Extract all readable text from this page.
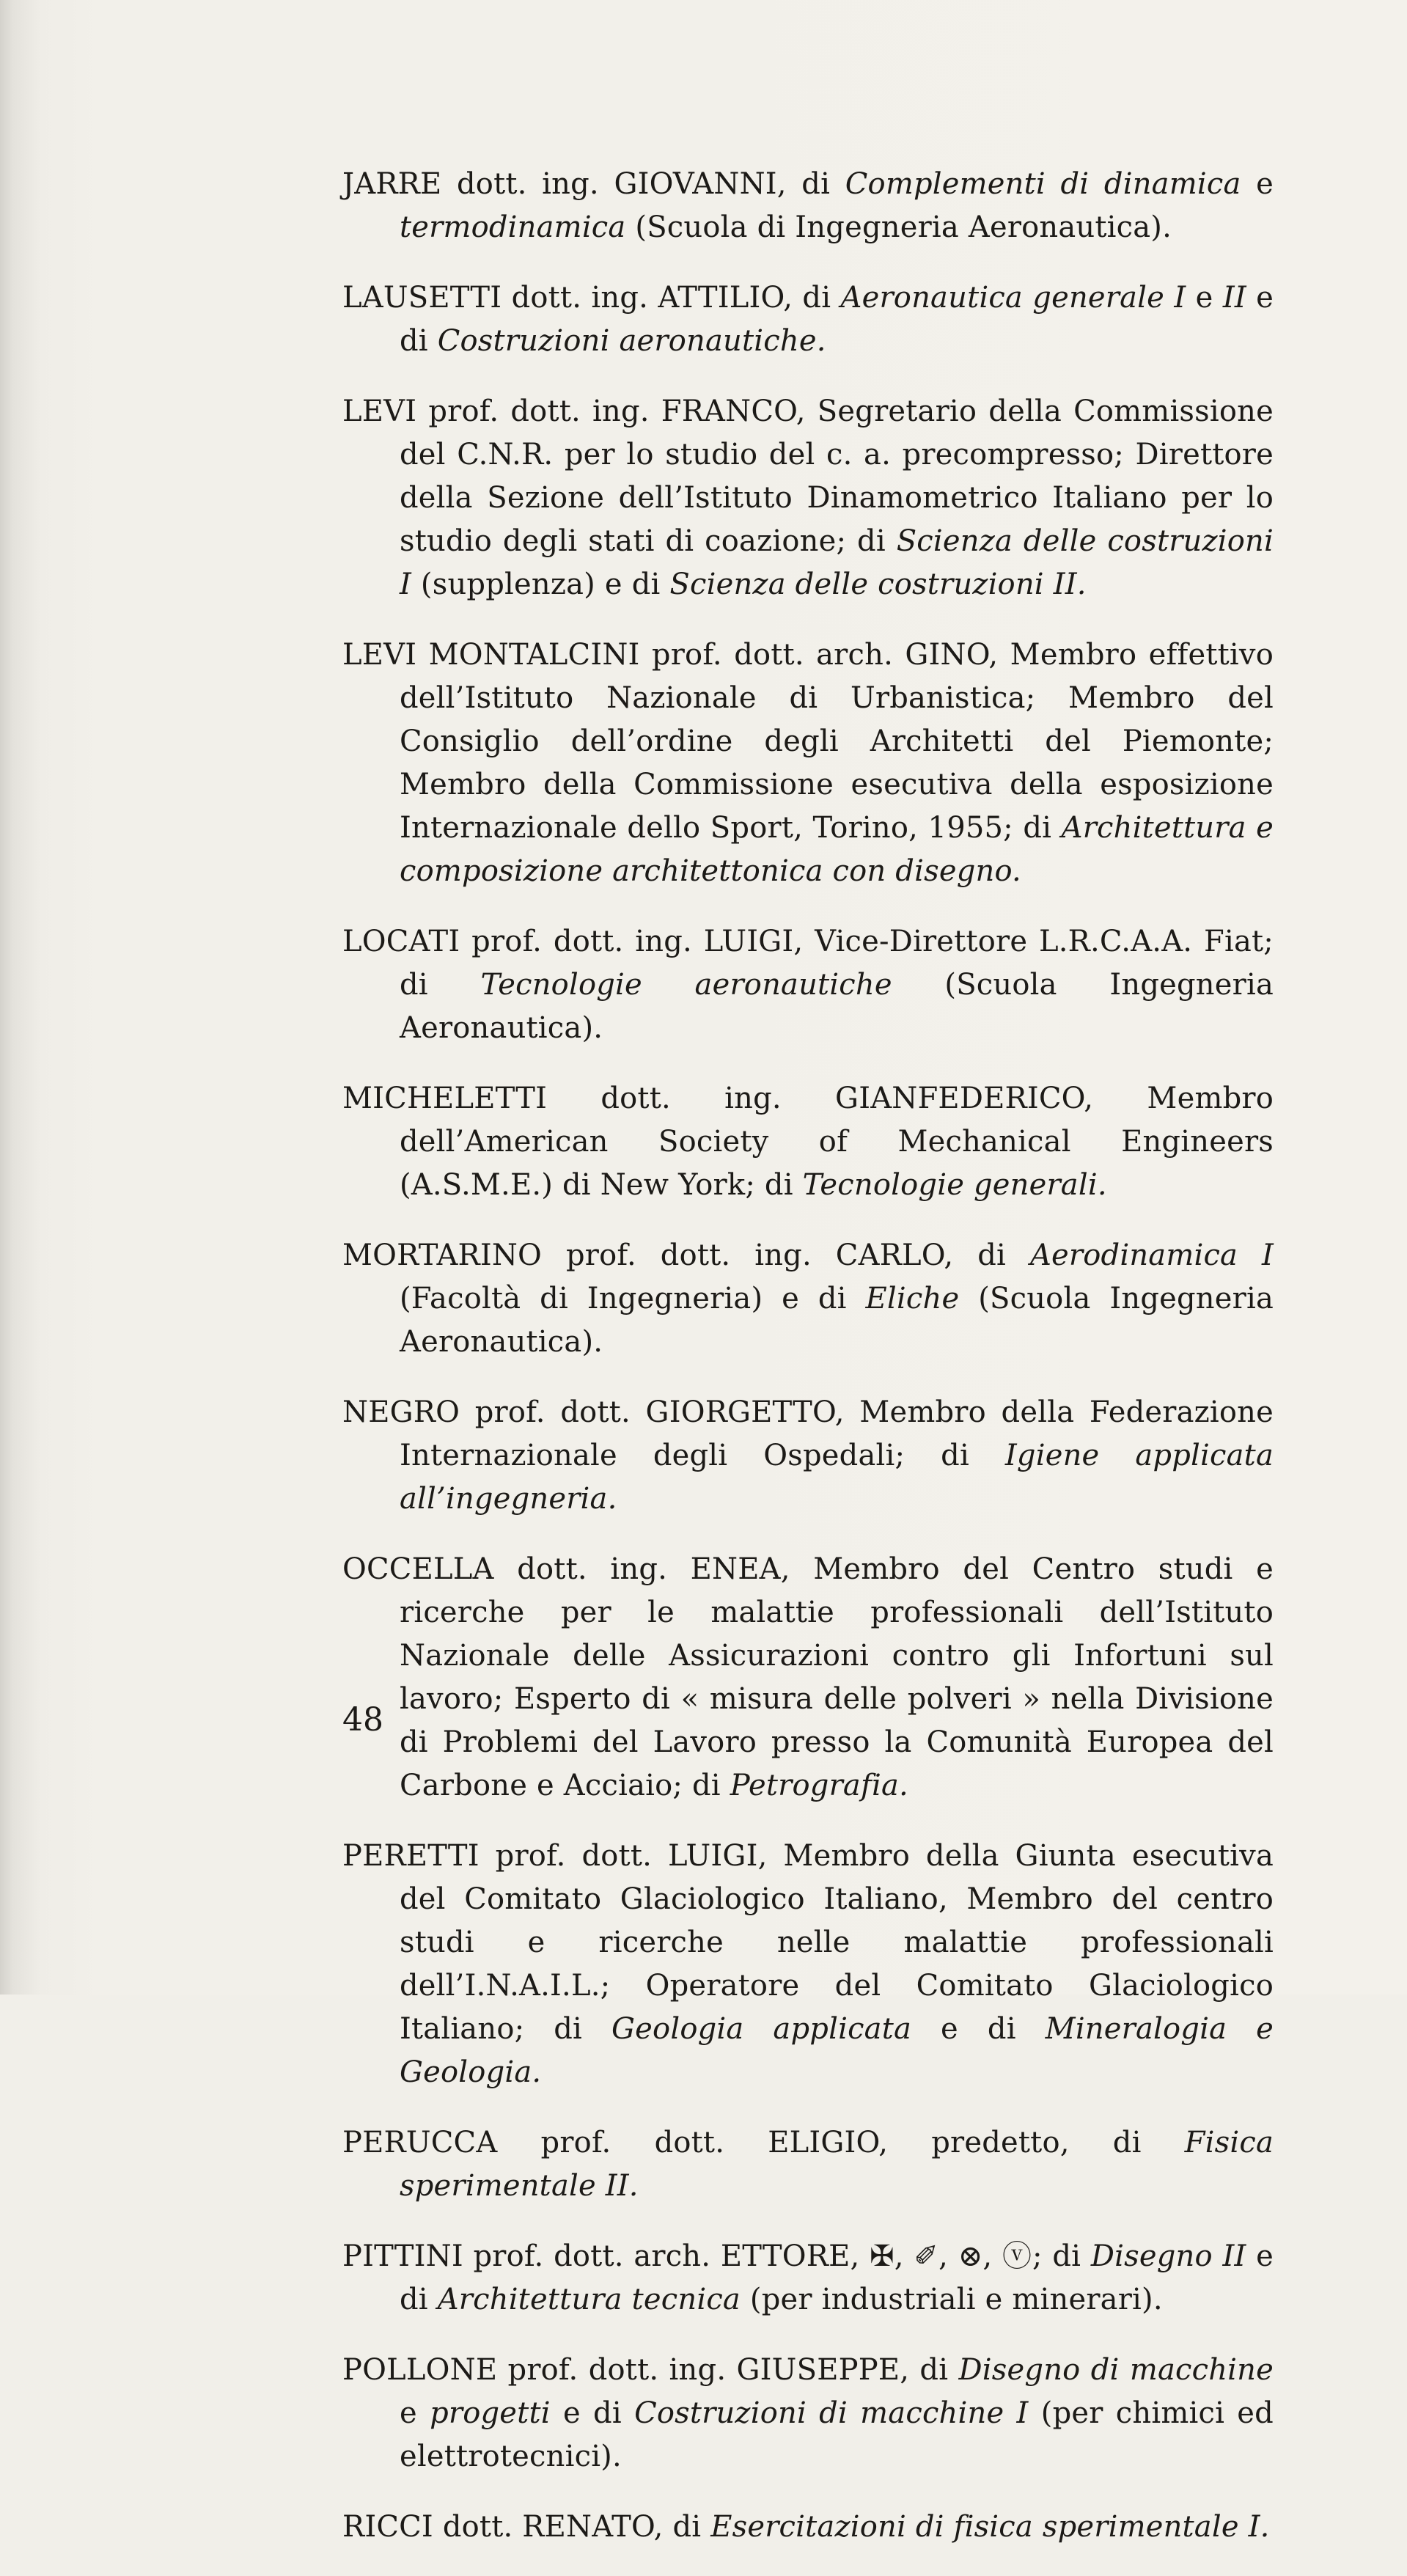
JARRE dott. ing. GIOVANNI, di Complementi di dinamica e termodinamica (Scuola di Ingegneria Aeronautica).

LAUSETTI dott. ing. ATTILIO, di Aeronautica generale I e II e di Costruzioni aeronautiche.

LEVI prof. dott. ing. FRANCO, Segretario della Commissione del C.N.R. per lo studio del c. a. precompresso; Direttore della Sezione dell’Istituto Dinamometrico Italiano per lo studio degli stati di coazione; di Scienza delle costruzioni I (supplenza) e di Scienza delle costruzioni II.

LEVI MONTALCINI prof. dott. arch. GINO, Membro effettivo dell’Istituto Nazionale di Urbanistica; Membro del Consiglio dell’ordine degli Architetti del Piemonte; Membro della Commissione esecutiva della esposizione Internazionale dello Sport, Torino, 1955; di Architettura e composizione architettonica con disegno.

LOCATI prof. dott. ing. LUIGI, Vice-Direttore L.R.C.A.A. Fiat; di Tecnologie aeronautiche (Scuola Ingegneria Aeronautica).

MICHELETTI dott. ing. GIANFEDERICO, Membro dell’American Society of Mechanical Engineers (A.S.M.E.) di New York; di Tecnologie generali.

MORTARINO prof. dott. ing. CARLO, di Aerodinamica I (Facoltà di Ingegneria) e di Eliche (Scuola Ingegneria Aeronautica).

NEGRO prof. dott. GIORGETTO, Membro della Federazione Internazionale degli Ospedali; di Igiene applicata all’ingegneria.

OCCELLA dott. ing. ENEA, Membro del Centro studi e ricerche per le malattie professionali dell’Istituto Nazionale delle Assicurazioni contro gli Infortuni sul lavoro; Esperto di « misura delle polveri » nella Divisione di Problemi del Lavoro presso la Comunità Europea del Carbone e Acciaio; di Petrografia.

PERETTI prof. dott. LUIGI, Membro della Giunta esecutiva del Comitato Glaciologico Italiano, Membro del centro studi e ricerche nelle malattie professionali dell’I.N.A.I.L.; Operatore del Comitato Glaciologico Italiano; di Geologia applicata e di Mineralogia e Geologia.

PERUCCA prof. dott. ELIGIO, predetto, di Fisica sperimentale II.

PITTINI prof. dott. arch. ETTORE, ✠, ✐, ⊗, ⓥ; di Disegno II e di Architettura tecnica (per industriali e minerari).

POLLONE prof. dott. ing. GIUSEPPE, di Disegno di macchine e progetti e di Costruzioni di macchine I (per chimici ed elettrotecnici).

RICCI dott. RENATO, di Esercitazioni di fisica sperimentale I.

48
